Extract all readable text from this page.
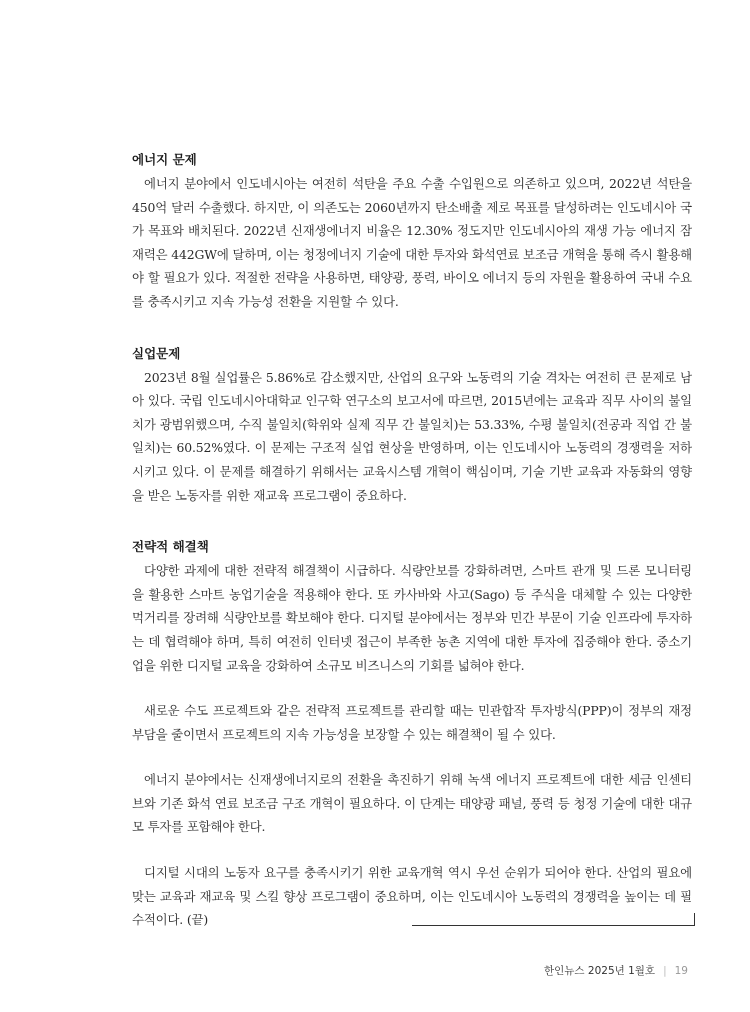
에너지 문제

에너지 분야에서 인도네시아는 여전히 석탄을 주요 수출 수입원으로 의존하고 있으며, 2022년 석탄을 450억 달러 수출했다. 하지만, 이 의존도는 2060년까지 탄소배출 제로 목표를 달성하려는 인도네시아 국가 목표와 배치된다. 2022년 신재생에너지 비율은 12.30% 정도지만 인도네시아의 재생 가능 에너지 잠재력은 442GW에 달하며, 이는 청정에너지 기술에 대한 투자와 화석연료 보조금 개혁을 통해 즉시 활용해야 할 필요가 있다. 적절한 전략을 사용하면, 태양광, 풍력, 바이오 에너지 등의 자원을 활용하여 국내 수요를 충족시키고 지속 가능성 전환을 지원할 수 있다.

실업문제

2023년 8월 실업률은 5.86%로 감소했지만, 산업의 요구와 노동력의 기술 격차는 여전히 큰 문제로 남아 있다. 국립 인도네시아대학교 인구학 연구소의 보고서에 따르면, 2015년에는 교육과 직무 사이의 불일치가 광범위했으며, 수직 불일치(학위와 실제 직무 간 불일치)는 53.33%, 수평 불일치(전공과 직업 간 불일치)는 60.52%였다. 이 문제는 구조적 실업 현상을 반영하며, 이는 인도네시아 노동력의 경쟁력을 저하시키고 있다. 이 문제를 해결하기 위해서는 교육시스템 개혁이 핵심이며, 기술 기반 교육과 자동화의 영향을 받은 노동자를 위한 재교육 프로그램이 중요하다.

전략적 해결책

다양한 과제에 대한 전략적 해결책이 시급하다. 식량안보를 강화하려면, 스마트 관개 및 드론 모니터링을 활용한 스마트 농업기술을 적용해야 한다. 또 카사바와 사고(Sago) 등 주식을 대체할 수 있는 다양한 먹거리를 장려해 식량안보를 확보해야 한다. 디지털 분야에서는 정부와 민간 부문이 기술 인프라에 투자하는 데 협력해야 하며, 특히 여전히 인터넷 접근이 부족한 농촌 지역에 대한 투자에 집중해야 한다. 중소기업을 위한 디지털 교육을 강화하여 소규모 비즈니스의 기회를 넓혀야 한다.

새로운 수도 프로젝트와 같은 전략적 프로젝트를 관리할 때는 민관합작 투자방식(PPP)이 정부의 재정 부담을 줄이면서 프로젝트의 지속 가능성을 보장할 수 있는 해결책이 될 수 있다.

에너지 분야에서는 신재생에너지로의 전환을 촉진하기 위해 녹색 에너지 프로젝트에 대한 세금 인센티브와 기존 화석 연료 보조금 구조 개혁이 필요하다. 이 단계는 태양광 패널, 풍력 등 청정 기술에 대한 대규모 투자를 포함해야 한다.

디지털 시대의 노동자 요구를 충족시키기 위한 교육개혁 역시 우선 순위가 되어야 한다. 산업의 필요에 맞는 교육과 재교육 및 스킬 향상 프로그램이 중요하며, 이는 인도네시아 노동력의 경쟁력을 높이는 데 필수적이다. (끝)

한인뉴스 2025년 1월호 | 19
